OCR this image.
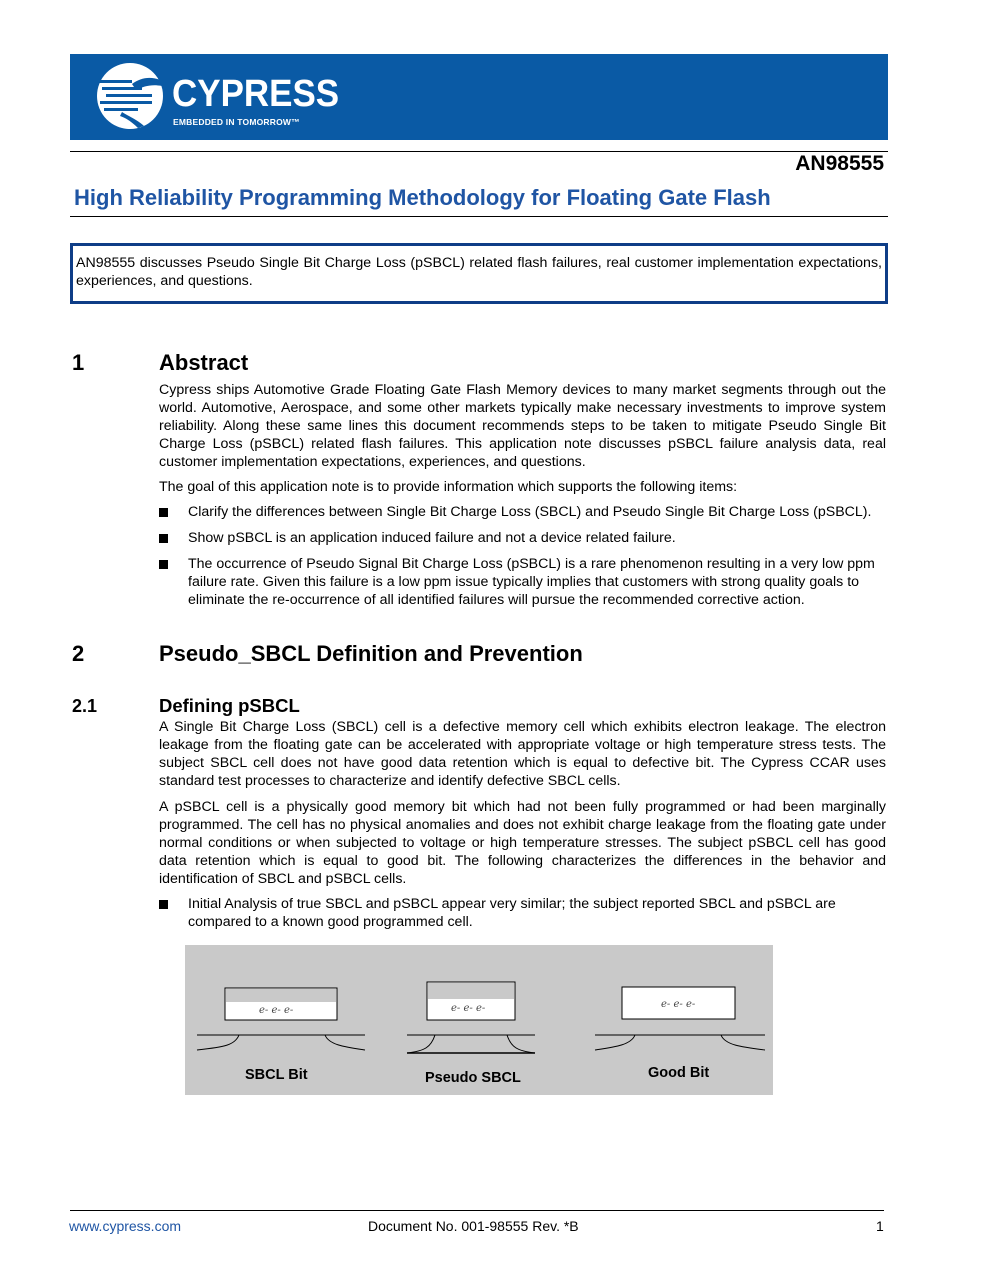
CYPRESS
EMBEDDED IN TOMORROW™
AN98555
High Reliability Programming Methodology for Floating Gate Flash
AN98555 discusses Pseudo Single Bit Charge Loss (pSBCL) related flash failures, real customer implementation expectations, experiences, and questions.
1	Abstract
Cypress ships Automotive Grade Floating Gate Flash Memory devices to many market segments through out the world. Automotive, Aerospace, and some other markets typically make necessary investments to improve system reliability. Along these same lines this document recommends steps to be taken to mitigate Pseudo Single Bit Charge Loss (pSBCL) related flash failures. This application note discusses pSBCL failure analysis data, real customer implementation expectations, experiences, and questions.
The goal of this application note is to provide information which supports the following items:
Clarify the differences between Single Bit Charge Loss (SBCL) and Pseudo Single Bit Charge Loss (pSBCL).
Show pSBCL is an application induced failure and not a device related failure.
The occurrence of Pseudo Signal Bit Charge Loss (pSBCL) is a rare phenomenon resulting in a very low ppm failure rate. Given this failure is a low ppm issue typically implies that customers with strong quality goals to eliminate the re-occurrence of all identified failures will pursue the recommended corrective action.
2	Pseudo_SBCL Definition and Prevention
2.1	Defining pSBCL
A Single Bit Charge Loss (SBCL) cell is a defective memory cell which exhibits electron leakage. The electron leakage from the floating gate can be accelerated with appropriate voltage or high temperature stress tests. The subject SBCL cell does not have good data retention which is equal to defective bit. The Cypress CCAR uses standard test processes to characterize and identify defective SBCL cells.
A pSBCL cell is a physically good memory bit which had not been fully programmed or had been marginally programmed. The cell has no physical anomalies and does not exhibit charge leakage from the floating gate under normal conditions or when subjected to voltage or high temperature stresses. The subject pSBCL cell has good data retention which is equal to good bit. The following characterizes the differences in the behavior and identification of SBCL and pSBCL cells.
Initial Analysis of true SBCL and pSBCL appear very similar; the subject reported SBCL and pSBCL are compared to a known good programmed cell.
e- e- e-	e- e- e-	e- e- e-
SBCL Bit	Pseudo SBCL	Good Bit
www.cypress.com	Document No. 001-98555 Rev. *B	1
